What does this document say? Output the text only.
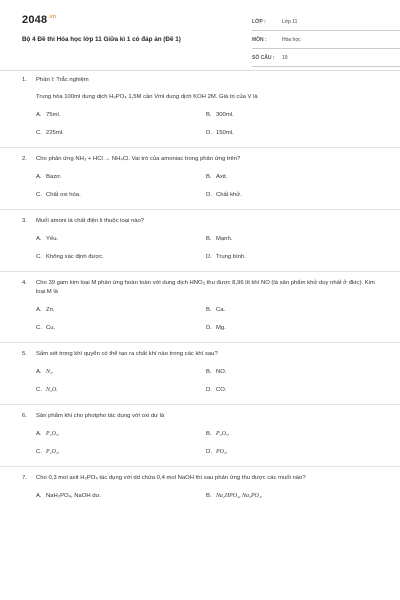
$2048^{.vn}$
Bộ 4 Đề thi Hóa học lớp 11 Giữa kì 1 có đáp án (Đề 1)
LỚP :	Lớp 11
MÔN :	Hóa học
SỐ CÂU : 19
1.	Phần I: Trắc nghiệm
Trung hòa 100ml dung dịch H₃PO₄ 1,5M cần Vml dung dịch KOH 2M. Giá trị của V là
A. 75ml.	B. 300ml.
C. 225ml.	D. 150ml.
2.	Cho phản ứng NH₃ + HCl → NH₄Cl. Vai trò của amoniac trong phản ứng trên?
A. Bazơ.	B. Axit.
C. Chất oxi hóa.	D. Chất khử.
3.	Muối amoni là chất điện li thuộc loại nào?
A. Yếu.	B. Mạnh.
C. Không xác định được.	D. Trung bình.
4.	Cho 39 gam kim loại M phản ứng hoàn toàn với dung dịch HNO₃ thu được 8,96 lít khí NO (là sản phẩm khử duy nhất ở đktc). Kim loại M là
A. Zn.	B. Ca.
C. Cu.	D. Mg.
5.	Sấm sét trong khí quyển có thể tạo ra chất khí nào trong các khí sau?
A. N₂.	B. NO.
C. N₂O.	D. CO.
6.	Sản phẩm khi cho photpho tác dụng với oxi dư là
A. P₂O₃.	B. P₂O₅.
C. P₂O₄.	D. PO₄.
7.	Cho 0,3 mol axit H₃PO₄ tác dụng với dd chứa 0,4 mol NaOH thì sau phản ứng thu được các muối nào?
A. NaH₂PO₄, NaOH dư.	B. Na₂HPO₄, Na₃PO₄.
